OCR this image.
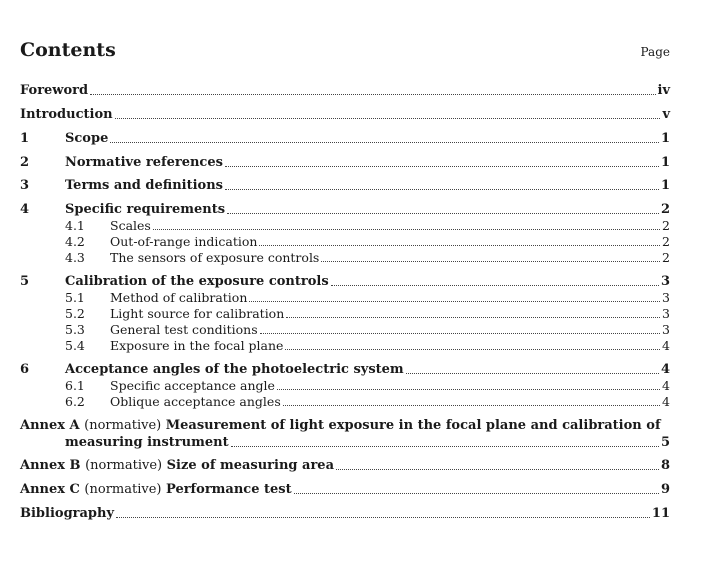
Contents	Page
Foreword	iv
Introduction	v
1	Scope	1
2	Normative references	1
3	Terms and definitions	1
4	Specific requirements	2
4.1	Scales	2
4.2	Out-of-range indication	2
4.3	The sensors of exposure controls	2
5	Calibration of the exposure controls	3
5.1	Method of calibration	3
5.2	Light source for calibration	3
5.3	General test conditions	3
5.4	Exposure in the focal plane	4
6	Acceptance angles of the photoelectric system	4
6.1	Specific acceptance angle	4
6.2	Oblique acceptance angles	4
Annex A (normative) Measurement of light exposure in the focal plane and calibration of
measuring instrument	5
Annex B (normative) Size of measuring area	8
Annex C (normative) Performance test	9
Bibliography	11
